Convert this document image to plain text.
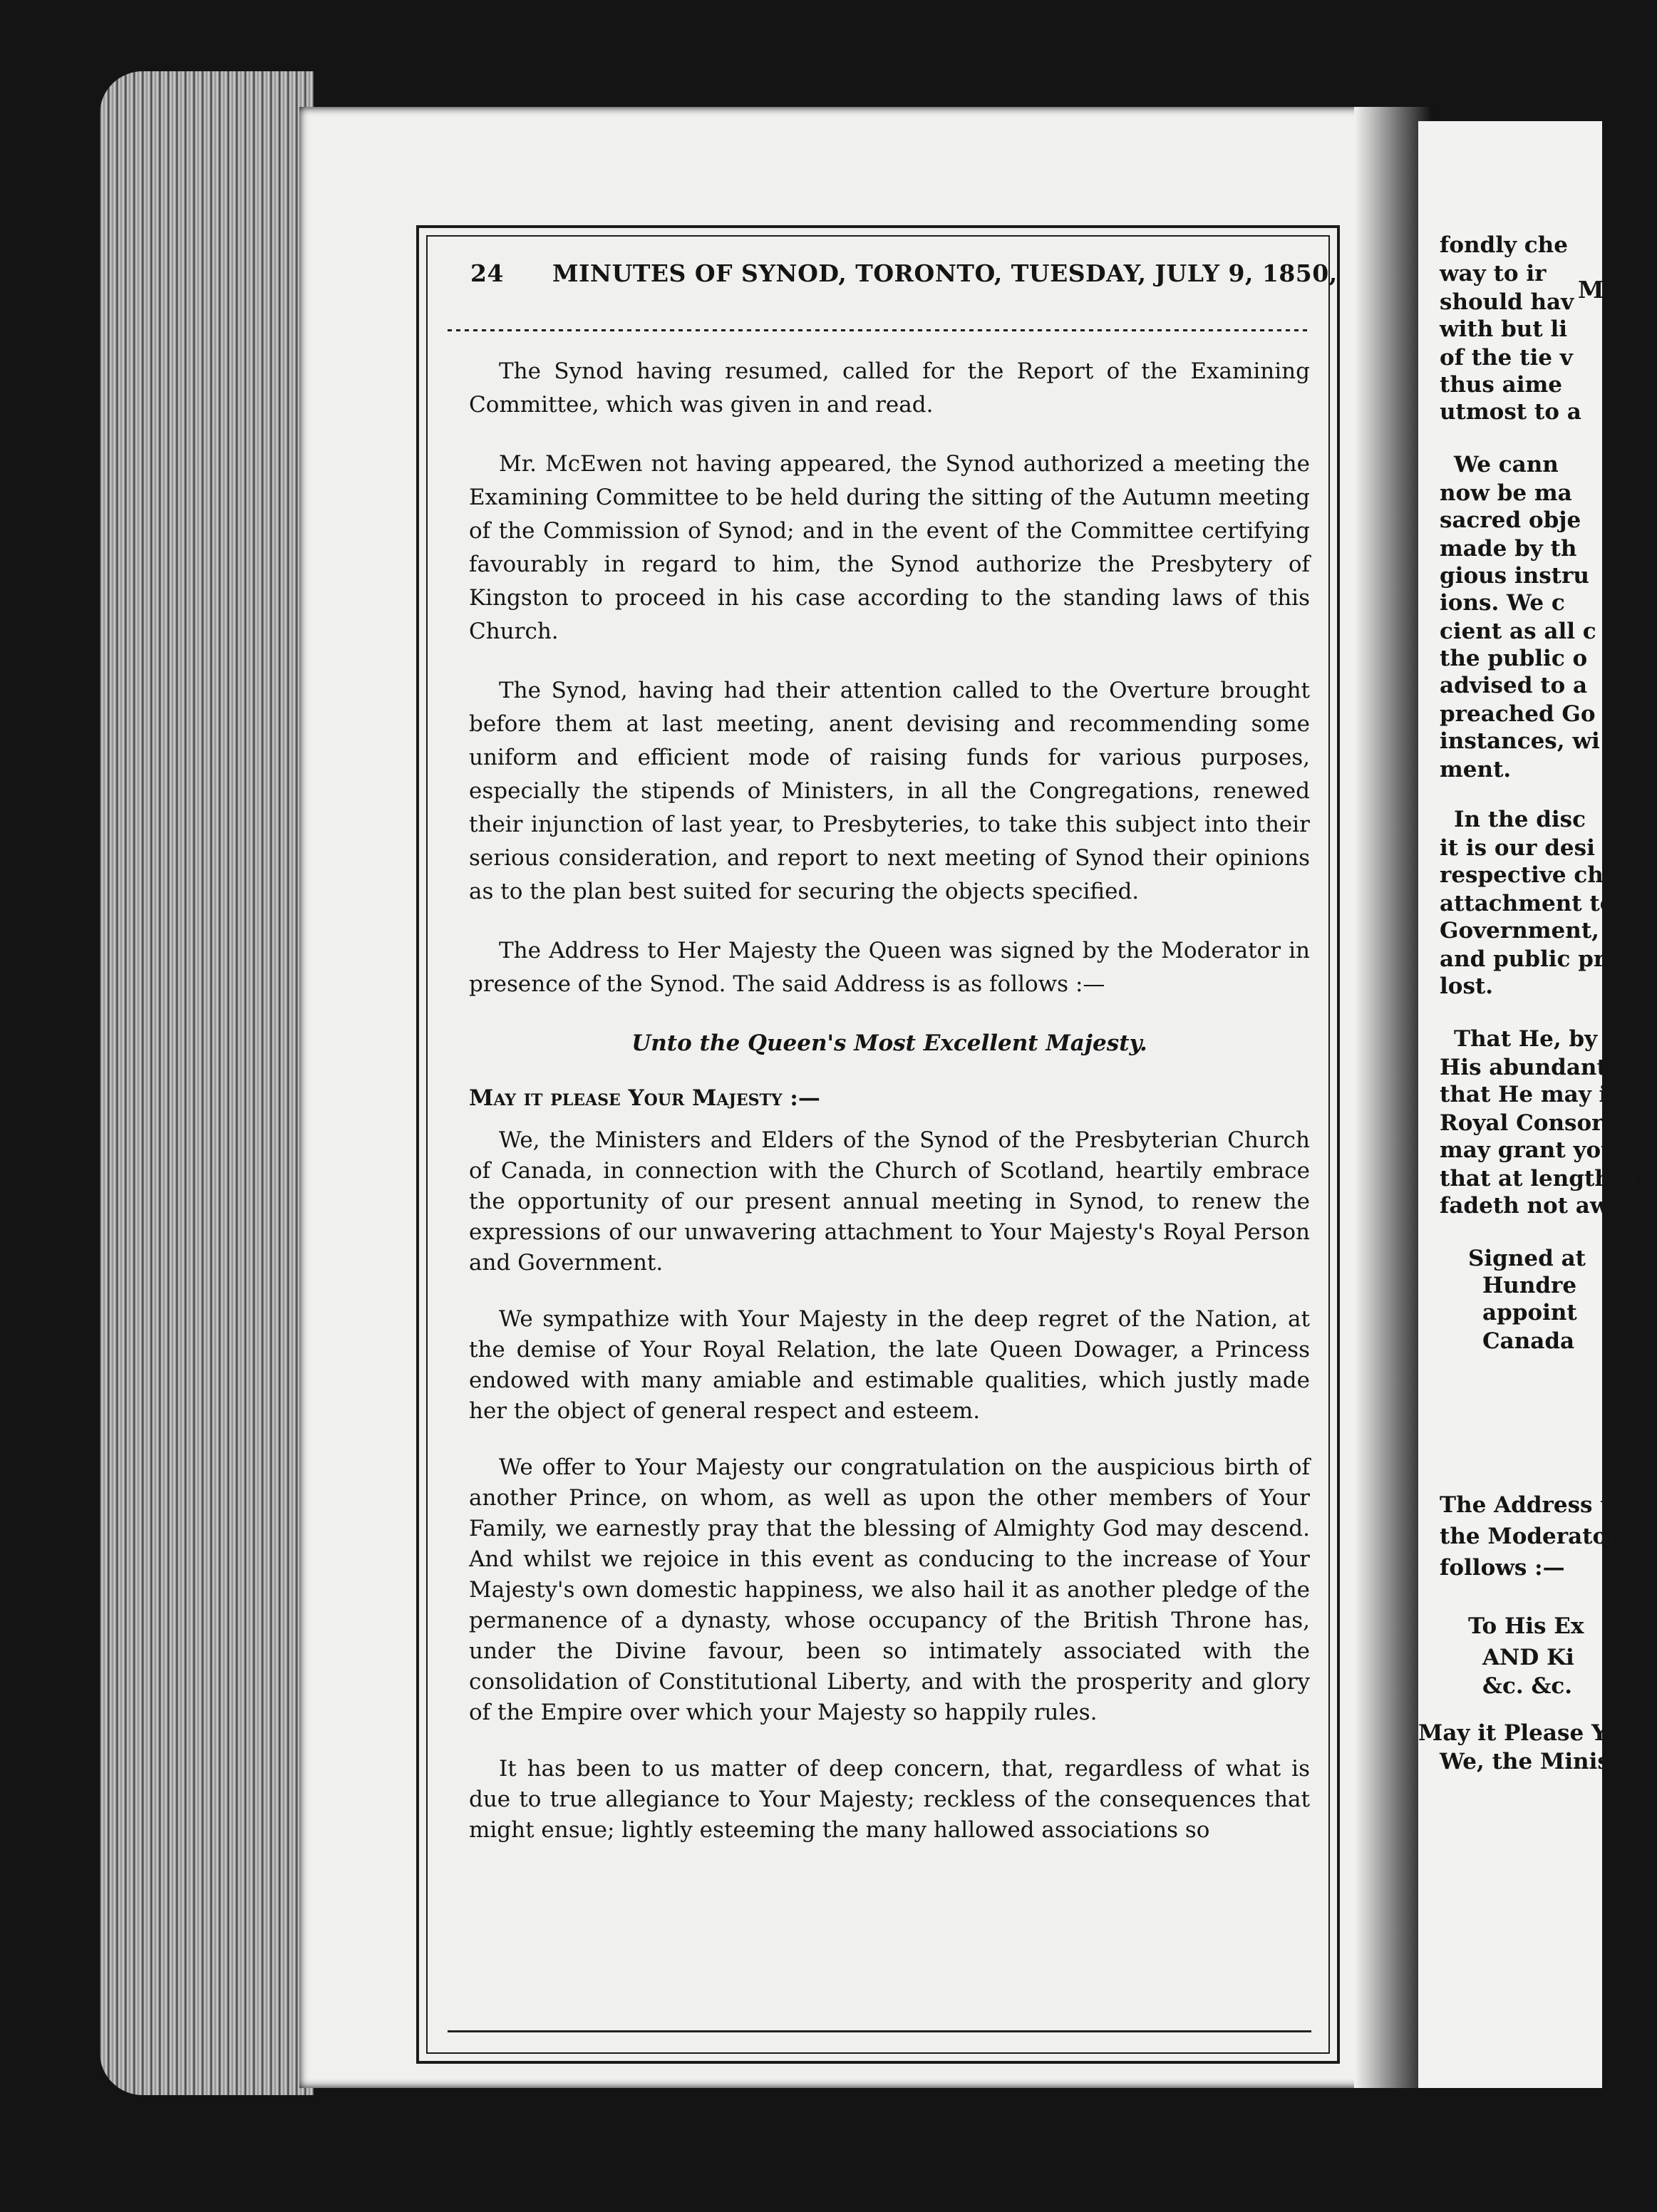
24 MINUTES OF SYNOD, TORONTO, TUESDAY, JULY 9, 1850,

The Synod having resumed, called for the Report of the Examining Committee, which was given in and read.

Mr. McEwen not having appeared, the Synod authorized a meeting the Examining Committee to be held during the sitting of the Autumn meeting of the Commission of Synod; and in the event of the Committee certifying favourably in regard to him, the Synod authorize the Presbytery of Kingston to proceed in his case according to the standing laws of this Church.

The Synod, having had their attention called to the Overture brought before them at last meeting, anent devising and recommending some uniform and efficient mode of raising funds for various purposes, especially the stipends of Ministers, in all the Congregations, renewed their injunction of last year, to Presbyteries, to take this subject into their serious consideration, and report to next meeting of Synod their opinions as to the plan best suited for securing the objects specified.

The Address to Her Majesty the Queen was signed by the Moderator in presence of the Synod. The said Address is as follows :—

Unto the Queen's Most Excellent Majesty.

May it please Your Majesty :—

We, the Ministers and Elders of the Synod of the Presbyterian Church of Canada, in connection with the Church of Scotland, heartily embrace the opportunity of our present annual meeting in Synod, to renew the expressions of our unwavering attachment to Your Majesty's Royal Person and Government.

We sympathize with Your Majesty in the deep regret of the Nation, at the demise of Your Royal Relation, the late Queen Dowager, a Princess endowed with many amiable and estimable qualities, which justly made her the object of general respect and esteem.

We offer to Your Majesty our congratulation on the auspicious birth of another Prince, on whom, as well as upon the other members of Your Family, we earnestly pray that the blessing of Almighty God may descend. And whilst we rejoice in this event as conducing to the increase of Your Majesty's own domestic happiness, we also hail it as another pledge of the permanence of a dynasty, whose occupancy of the British Throne has, under the Divine favour, been so intimately associated with the consolidation of Constitutional Liberty, and with the prosperity and glory of the Empire over which your Majesty so happily rules.

It has been to us matter of deep concern, that, regardless of what is due to true allegiance to Your Majesty; reckless of the consequences that might ensue; lightly esteeming the many hallowed associations so

M
fondly che
way to ir
should hav
with but li
of the tie v
thus aime
utmost to a
We cann
now be ma
sacred obje
made by th
gious instru
ions. We c
cient as all c
the public o
advised to a
preached Go
instances, wi
ment.
In the disc
it is our desi
respective cha
attachment to
Government, a
and public pro
lost.
That He, by
His abundant
that He may i
Royal Consort
may grant you
that at length H
fadeth not away
Signed at
Hundre
appoint
Canada
The Address to
the Moderator, in
follows :—
To His Ex
AND Ki
&c. &c.
May it Please Y
We, the Minister
